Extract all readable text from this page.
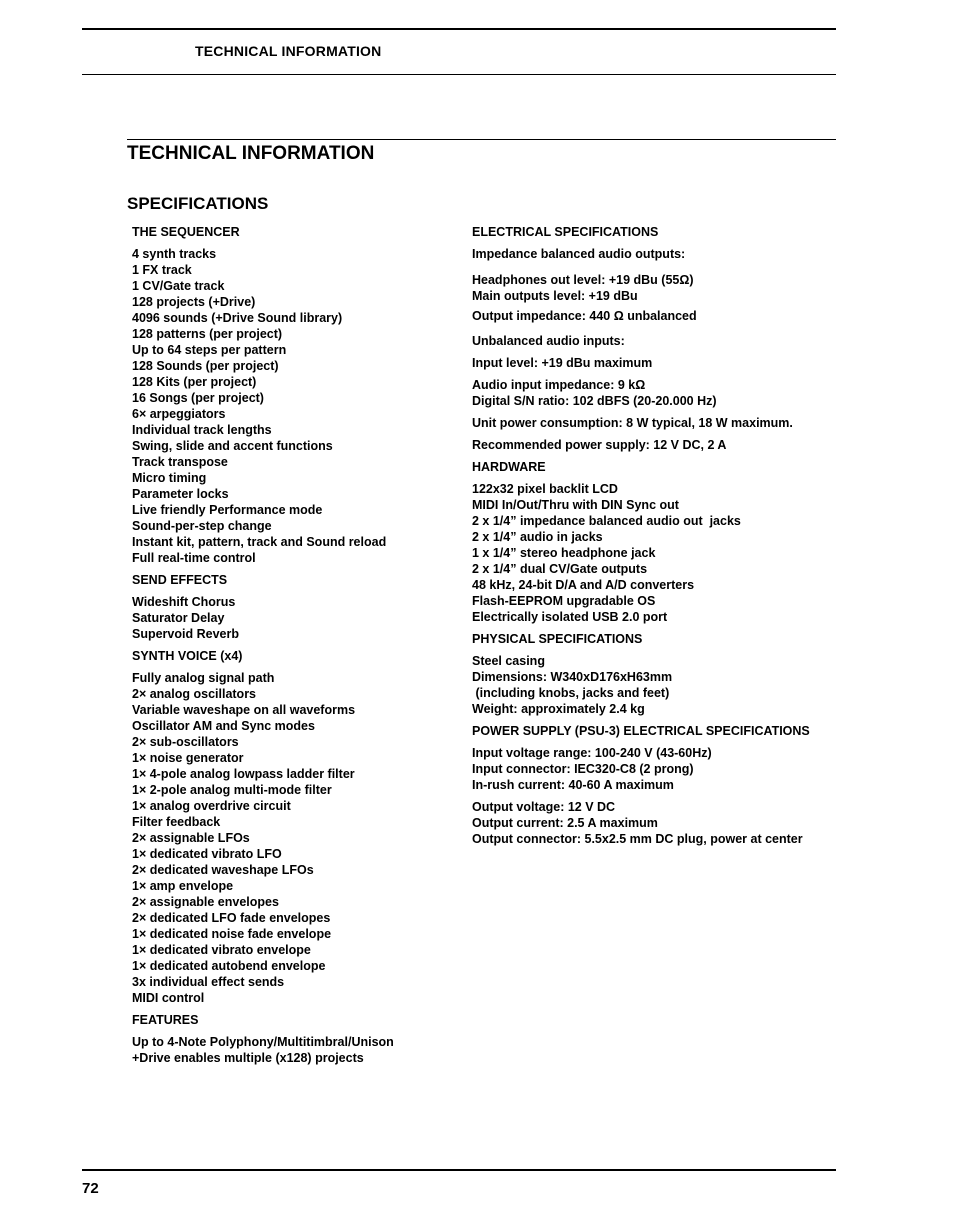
TECHNICAL INFORMATION
TECHNICAL INFORMATION
SPECIFICATIONS
THE SEQUENCER
4 synth tracks
1 FX track
1 CV/Gate track
128 projects (+Drive)
4096 sounds (+Drive Sound library)
128 patterns (per project)
Up to 64 steps per pattern
128 Sounds (per project)
128 Kits (per project)
16 Songs (per project)
6× arpeggiators
Individual track lengths
Swing, slide and accent functions
Track transpose
Micro timing
Parameter locks
Live friendly Performance mode
Sound-per-step change
Instant kit, pattern, track and Sound reload
Full real-time control
SEND EFFECTS
Wideshift Chorus
Saturator Delay
Supervoid Reverb
SYNTH VOICE (x4)
Fully analog signal path
2× analog oscillators
Variable waveshape on all waveforms
Oscillator AM and Sync modes
2× sub-oscillators
1× noise generator
1× 4-pole analog lowpass ladder filter
1× 2-pole analog multi-mode filter
1× analog overdrive circuit
Filter feedback
2× assignable LFOs
1× dedicated vibrato LFO
2× dedicated waveshape LFOs
1× amp envelope
2× assignable envelopes
2× dedicated LFO fade envelopes
1× dedicated noise fade envelope
1× dedicated vibrato envelope
1× dedicated autobend envelope
3x individual effect sends
MIDI control
FEATURES
Up to 4-Note Polyphony/Multitimbral/Unison
+Drive enables multiple (x128) projects
ELECTRICAL SPECIFICATIONS
Impedance balanced audio outputs:
Headphones out level: +19 dBu (55Ω)
Main outputs level: +19 dBu
Output impedance: 440 Ω unbalanced
Unbalanced audio inputs:
Input level: +19 dBu maximum
Audio input impedance: 9 kΩ
Digital S/N ratio: 102 dBFS (20-20.000 Hz)
Unit power consumption: 8 W typical, 18 W maximum.
Recommended power supply: 12 V DC, 2 A
HARDWARE
122x32 pixel backlit LCD
MIDI In/Out/Thru with DIN Sync out
2 x 1/4” impedance balanced audio out  jacks
2 x 1/4” audio in jacks
1 x 1/4” stereo headphone jack
2 x 1/4” dual CV/Gate outputs
48 kHz, 24-bit D/A and A/D converters
Flash-EEPROM upgradable OS
Electrically isolated USB 2.0 port
PHYSICAL SPECIFICATIONS
Steel casing
Dimensions: W340xD176xH63mm
(including knobs, jacks and feet)
Weight: approximately 2.4 kg
POWER SUPPLY (PSU-3) ELECTRICAL SPECIFICATIONS
Input voltage range: 100-240 V (43-60Hz)
Input connector: IEC320-C8 (2 prong)
In-rush current: 40-60 A maximum
Output voltage: 12 V DC
Output current: 2.5 A maximum
Output connector: 5.5x2.5 mm DC plug, power at center
72
